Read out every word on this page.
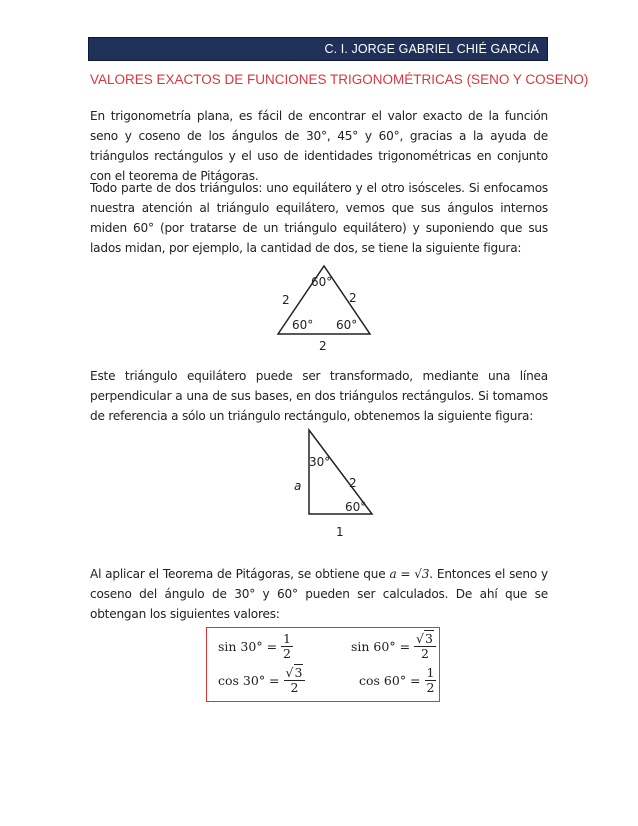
C. I. JORGE GABRIEL CHIÉ GARCÍA
VALORES EXACTOS DE FUNCIONES TRIGONOMÉTRICAS (SENO Y COSENO)

En trigonometría plana, es fácil de encontrar el valor exacto de la función seno y coseno de los ángulos de 30°, 45° y 60°, gracias a la ayuda de triángulos rectángulos y el uso de identidades trigonométricas en conjunto con el teorema de Pitágoras.

Todo parte de dos triángulos: uno equilátero y el otro isósceles. Si enfocamos nuestra atención al triángulo equilátero, vemos que sus ángulos internos miden 60° (por tratarse de un triángulo equilátero) y suponiendo que sus lados midan, por ejemplo, la cantidad de dos, se tiene la siguiente figura:

60°
2	2
60° 60°
2

Este triángulo equilátero puede ser transformado, mediante una línea perpendicular a una de sus bases, en dos triángulos rectángulos. Si tomamos de referencia a sólo un triángulo rectángulo, obtenemos la siguiente figura:

30°
a	2
60°
1

Al aplicar el Teorema de Pitágoras, se obtiene que a = √3. Entonces el seno y coseno del ángulo de 30° y 60° pueden ser calculados. De ahí que se obtengan los siguientes valores:

$\sin 30^\circ = \frac{1}{2}$	$\sin 60^\circ = \frac{√3}{2}$
$\cos 30^\circ = \frac{√3}{2}$	$\cos 60^\circ = \frac{1}{2}$
